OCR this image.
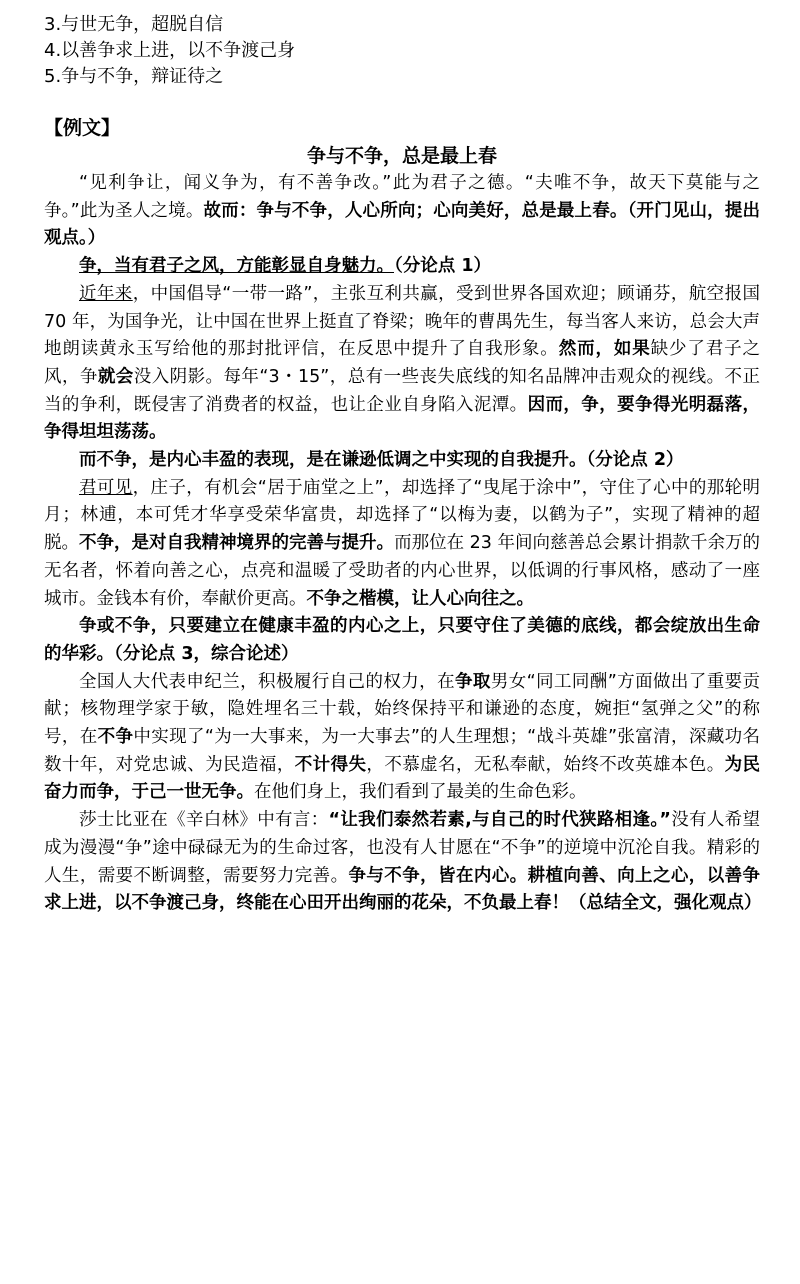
3.与世无争，超脱自信
4.以善争求上进，以不争渡己身
5.争与不争，辩证待之
【例文】
争与不争，总是最上春
“见利争让，闻义争为，有不善争改。”此为君子之德。“夫唯不争，故天下莫能与之争。”此为圣人之境。故而：争与不争，人心所向；心向美好，总是最上春。（开门见山，提出观点。）
争，当有君子之风，方能彰显自身魅力。（分论点 1）
近年来，中国倡导“一带一路”，主张互利共赢，受到世界各国欢迎；顾诵芬，航空报国 70 年，为国争光，让中国在世界上挺直了脊梁；晚年的曹禺先生，每当客人来访，总会大声地朗读黄永玉写给他的那封批评信，在反思中提升了自我形象。然而，如果缺少了君子之风，争就会没入阴影。每年“3・15”，总有一些丧失底线的知名品牌冲击观众的视线。不正当的争利，既侵害了消费者的权益，也让企业自身陷入泥潭。因而，争，要争得光明磊落，争得坦坦荡荡。
而不争，是内心丰盈的表现，是在谦逊低调之中实现的自我提升。（分论点 2）
君可见，庄子，有机会“居于庙堂之上”，却选择了“曳尾于涂中”，守住了心中的那轮明月；林逋，本可凭才华享受荣华富贵，却选择了“以梅为妻，以鹤为子”，实现了精神的超脱。不争，是对自我精神境界的完善与提升。而那位在 23 年间向慈善总会累计捐款千余万的无名者，怀着向善之心，点亮和温暖了受助者的内心世界，以低调的行事风格，感动了一座城市。金钱本有价，奉献价更高。不争之楷模，让人心向往之。
争或不争，只要建立在健康丰盈的内心之上，只要守住了美德的底线，都会绽放出生命的华彩。（分论点 3，综合论述）
全国人大代表申纪兰，积极履行自己的权力，在争取男女“同工同酬”方面做出了重要贡献；核物理学家于敏，隐姓埋名三十载，始终保持平和谦逊的态度，婉拒“氢弹之父”的称号，在不争中实现了“为一大事来，为一大事去”的人生理想；“战斗英雄”张富清，深藏功名数十年，对党忠诚、为民造福，不计得失，不慕虚名，无私奉献，始终不改英雄本色。为民奋力而争，于己一世无争。在他们身上，我们看到了最美的生命色彩。
莎士比亚在《辛白林》中有言：“让我们泰然若素,与自己的时代狭路相逢。”没有人希望成为漫漫“争”途中碌碌无为的生命过客，也没有人甘愿在“不争”的逆境中沉沦自我。精彩的人生，需要不断调整，需要努力完善。争与不争，皆在内心。耕植向善、向上之心，以善争求上进，以不争渡己身，终能在心田开出绚丽的花朵，不负最上春！（总结全文，强化观点）
